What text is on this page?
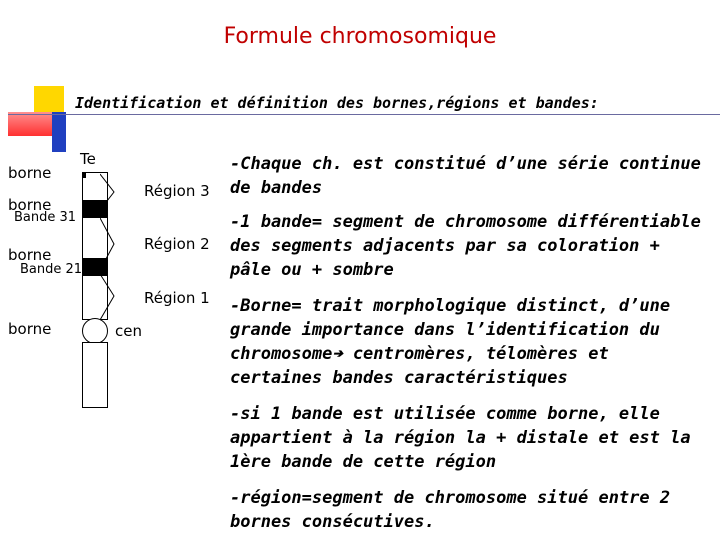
Formule chromosomique
Identification et définition des bornes,régions et bandes:
borne
Te
borne
Bande 31
borne
Bande 21
borne	cen
Région 3
Région 2
Région 1
-Chaque ch. est constitué d’une série continue de bandes
-1 bande= segment de chromosome différentiable des segments adjacents par sa coloration + pâle ou + sombre
-Borne= trait morphologique distinct, d’une grande importance dans l’identification du chromosome➔ centromères, télomères et certaines bandes caractéristiques
-si 1 bande est utilisée comme borne, elle appartient à la région la + distale et est la 1ère bande de cette région
-région=segment de chromosome situé entre 2 bornes consécutives.
